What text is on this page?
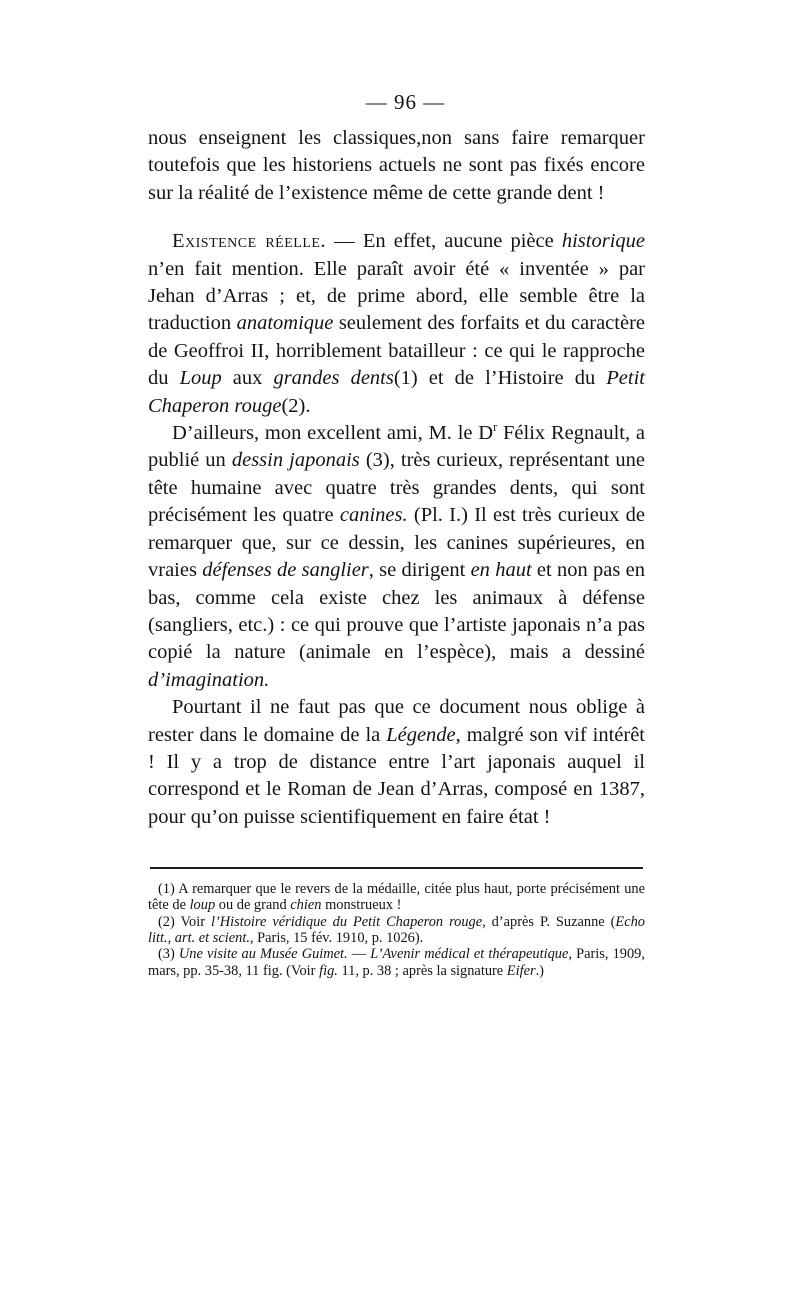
— 96 —

nous enseignent les classiques,non sans faire remarquer toutefois que les historiens actuels ne sont pas fixés encore sur la réalité de l’existence même de cette grande dent !

Existence réelle. — En effet, aucune pièce historique n’en fait mention. Elle paraît avoir été « inventée » par Jehan d’Arras ; et, de prime abord, elle semble être la traduction anatomique seulement des forfaits et du caractère de Geoffroi II, horriblement batailleur : ce qui le rapproche du Loup aux grandes dents(1) et de l’Histoire du Petit Chaperon rouge(2).

D’ailleurs, mon excellent ami, M. le $D^r$ Félix Regnault, a publié un dessin japonais (3), très curieux, représentant une tête humaine avec quatre très grandes dents, qui sont précisément les quatre canines. (Pl. I.) Il est très curieux de remarquer que, sur ce dessin, les canines supérieures, en vraies défenses de sanglier, se dirigent en haut et non pas en bas, comme cela existe chez les animaux à défense (sangliers, etc.) : ce qui prouve que l’artiste japonais n’a pas copié la nature (animale en l’espèce), mais a dessiné d’imagination.

Pourtant il ne faut pas que ce document nous oblige à rester dans le domaine de la Légende, malgré son vif intérêt ! Il y a trop de distance entre l’art japonais auquel il correspond et le Roman de Jean d’Arras, composé en 1387, pour qu’on puisse scientifiquement en faire état !

(1) A remarquer que le revers de la médaille, citée plus haut, porte précisément une tête de loup ou de grand chien monstrueux !

(2) Voir l’Histoire véridique du Petit Chaperon rouge, d’après P. Suzanne (Echo litt., art. et scient., Paris, 15 fév. 1910, p. 1026).

(3) Une visite au Musée Guimet. — L’Avenir médical et thérapeutique, Paris, 1909, mars, pp. 35-38, 11 fig. (Voir fig. 11, p. 38 ; après la signature Eifer.)
